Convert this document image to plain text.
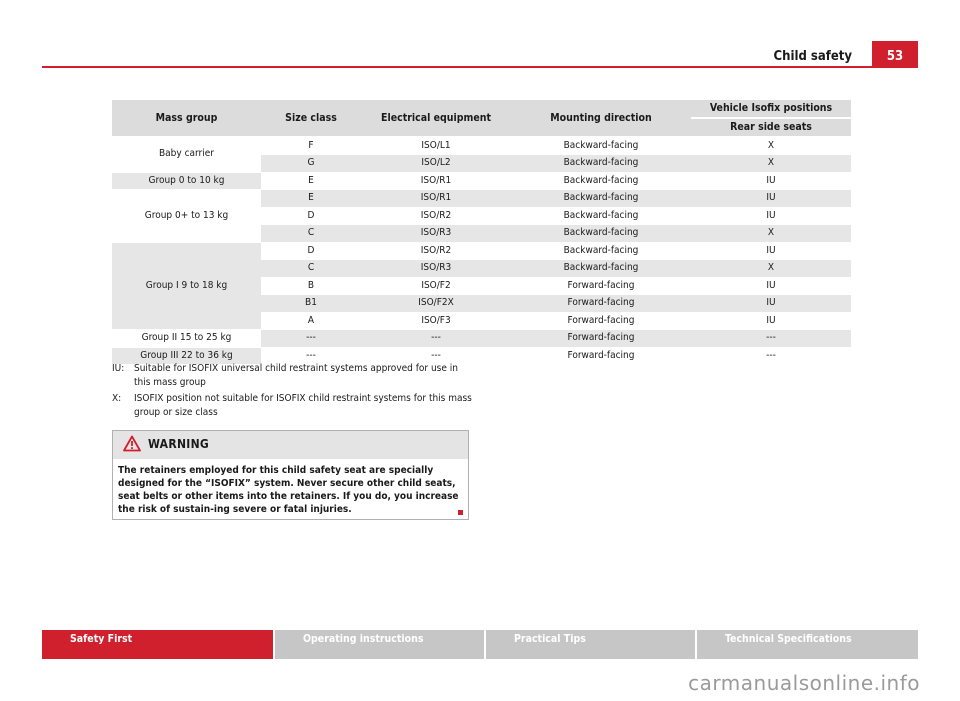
Child safety	53
Mass group	Size class	Electrical equipment	Mounting direction	Vehicle Isofix positions
				Rear side seats
Baby carrier	F	ISO/L1	Backward-facing	X
	G	ISO/L2	Backward-facing	X
Group 0 to 10 kg	E	ISO/R1	Backward-facing	IU
Group 0+ to 13 kg	E	ISO/R1	Backward-facing	IU
	D	ISO/R2	Backward-facing	IU
	C	ISO/R3	Backward-facing	X
Group I 9 to 18 kg	D	ISO/R2	Backward-facing	IU
	C	ISO/R3	Backward-facing	X
	B	ISO/F2	Forward-facing	IU
	B1	ISO/F2X	Forward-facing	IU
	A	ISO/F3	Forward-facing	IU
Group II 15 to 25 kg	---	---	Forward-facing	---
Group III 22 to 36 kg	---	---	Forward-facing	---
IU: Suitable for ISOFIX universal child restraint systems approved for use in this mass group
X:	ISOFIX position not suitable for ISOFIX child restraint systems for this mass group or size class
WARNING
The retainers employed for this child safety seat are specially designed for the “ISOFIX” system. Never secure other child seats, seat belts or other items into the retainers. If you do, you increase the risk of sustain-ing severe or fatal injuries.
Safety First	Operating instructions	Practical Tips	Technical Specifications
carmanualsonline.info
